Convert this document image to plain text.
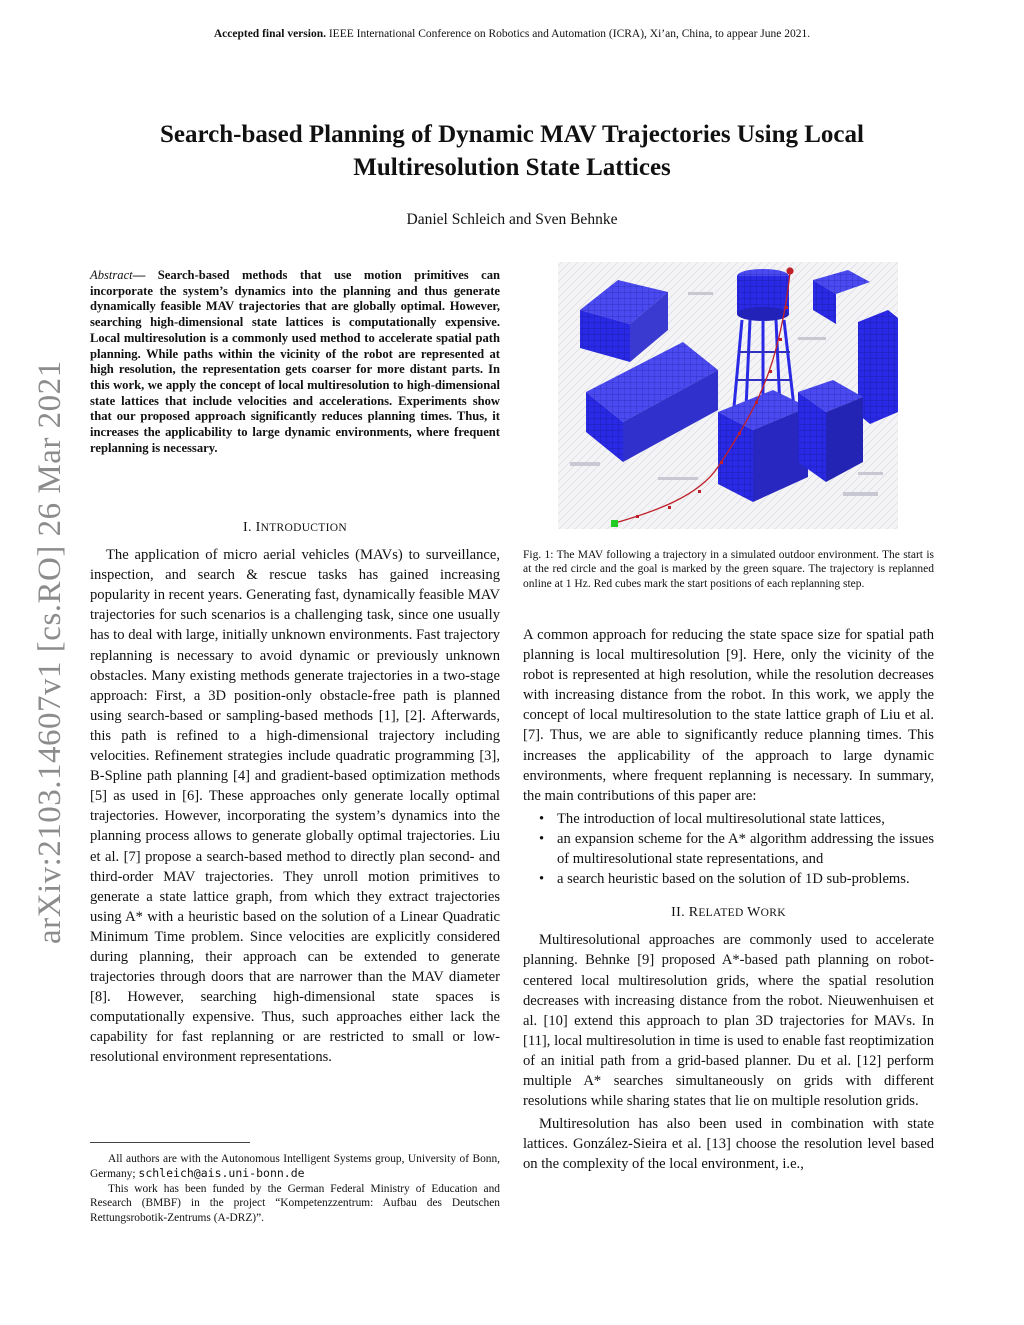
Accepted final version. IEEE International Conference on Robotics and Automation (ICRA), Xi’an, China, to appear June 2021.
Search-based Planning of Dynamic MAV Trajectories Using Local Multiresolution State Lattices
Daniel Schleich and Sven Behnke
arXiv:2103.14607v1 [cs.RO] 26 Mar 2021
Abstract— Search-based methods that use motion primitives can incorporate the system’s dynamics into the planning and thus generate dynamically feasible MAV trajectories that are globally optimal. However, searching high-dimensional state lattices is computationally expensive. Local multiresolution is a commonly used method to accelerate spatial path planning. While paths within the vicinity of the robot are represented at high resolution, the representation gets coarser for more distant parts. In this work, we apply the concept of local multiresolution to high-dimensional state lattices that include velocities and accelerations. Experiments show that our proposed approach significantly reduces planning times. Thus, it increases the applicability to large dynamic environments, where frequent replanning is necessary.
I. INTRODUCTION

The application of micro aerial vehicles (MAVs) to surveillance, inspection, and search & rescue tasks has gained increasing popularity in recent years. Generating fast, dynamically feasible MAV trajectories for such scenarios is a challenging task, since one usually has to deal with large, initially unknown environments. Fast trajectory replanning is necessary to avoid dynamic or previously unknown obstacles. Many existing methods generate trajectories in a two-stage approach: First, a 3D position-only obstacle-free path is planned using search-based or sampling-based methods [1], [2]. Afterwards, this path is refined to a high-dimensional trajectory including velocities. Refinement strategies include quadratic programming [3], B-Spline path planning [4] and gradient-based optimization methods [5] as used in [6]. These approaches only generate locally optimal trajectories. However, incorporating the system’s dynamics into the planning process allows to generate globally optimal trajectories. Liu et al. [7] propose a search-based method to directly plan second- and third-order MAV trajectories. They unroll motion primitives to generate a state lattice graph, from which they extract trajectories using A* with a heuristic based on the solution of a Linear Quadratic Minimum Time problem. Since velocities are explicitly considered during planning, their approach can be extended to generate trajectories through doors that are narrower than the MAV diameter [8]. However, searching high-dimensional state spaces is computationally expensive. Thus, such approaches either lack the capability for fast replanning or are restricted to small or low-resolutional environment representations.

All authors are with the Autonomous Intelligent Systems group, University of Bonn, Germany; schleich@ais.uni-bonn.de

This work has been funded by the German Federal Ministry of Education and Research (BMBF) in the project “Kompetenzzentrum: Aufbau des Deutschen Rettungsrobotik-Zentrums (A-DRZ)”.

Fig. 1: The MAV following a trajectory in a simulated outdoor environment. The start is at the red circle and the goal is marked by the green square. The trajectory is replanned online at 1 Hz. Red cubes mark the start positions of each replanning step.

A common approach for reducing the state space size for spatial path planning is local multiresolution [9]. Here, only the vicinity of the robot is represented at high resolution, while the resolution decreases with increasing distance from the robot. In this work, we apply the concept of local multiresolution to the state lattice graph of Liu et al. [7]. Thus, we are able to significantly reduce planning times. This increases the applicability of the approach to large dynamic environments, where frequent replanning is necessary. In summary, the main contributions of this paper are:

• The introduction of local multiresolutional state lattices,
• an expansion scheme for the A* algorithm addressing the issues of multiresolutional state representations, and
• a search heuristic based on the solution of 1D sub-problems.
II. RELATED WORK

Multiresolutional approaches are commonly used to accelerate planning. Behnke [9] proposed A*-based path planning on robot-centered local multiresolution grids, where the spatial resolution decreases with increasing distance from the robot. Nieuwenhuisen et al. [10] extend this approach to plan 3D trajectories for MAVs. In [11], local multiresolution in time is used to enable fast reoptimization of an initial path from a grid-based planner. Du et al. [12] perform multiple A* searches simultaneously on grids with different resolutions while sharing states that lie on multiple resolution grids.

Multiresolution has also been used in combination with state lattices. González-Sieira et al. [13] choose the resolution level based on the complexity of the local environment, i.e.,
